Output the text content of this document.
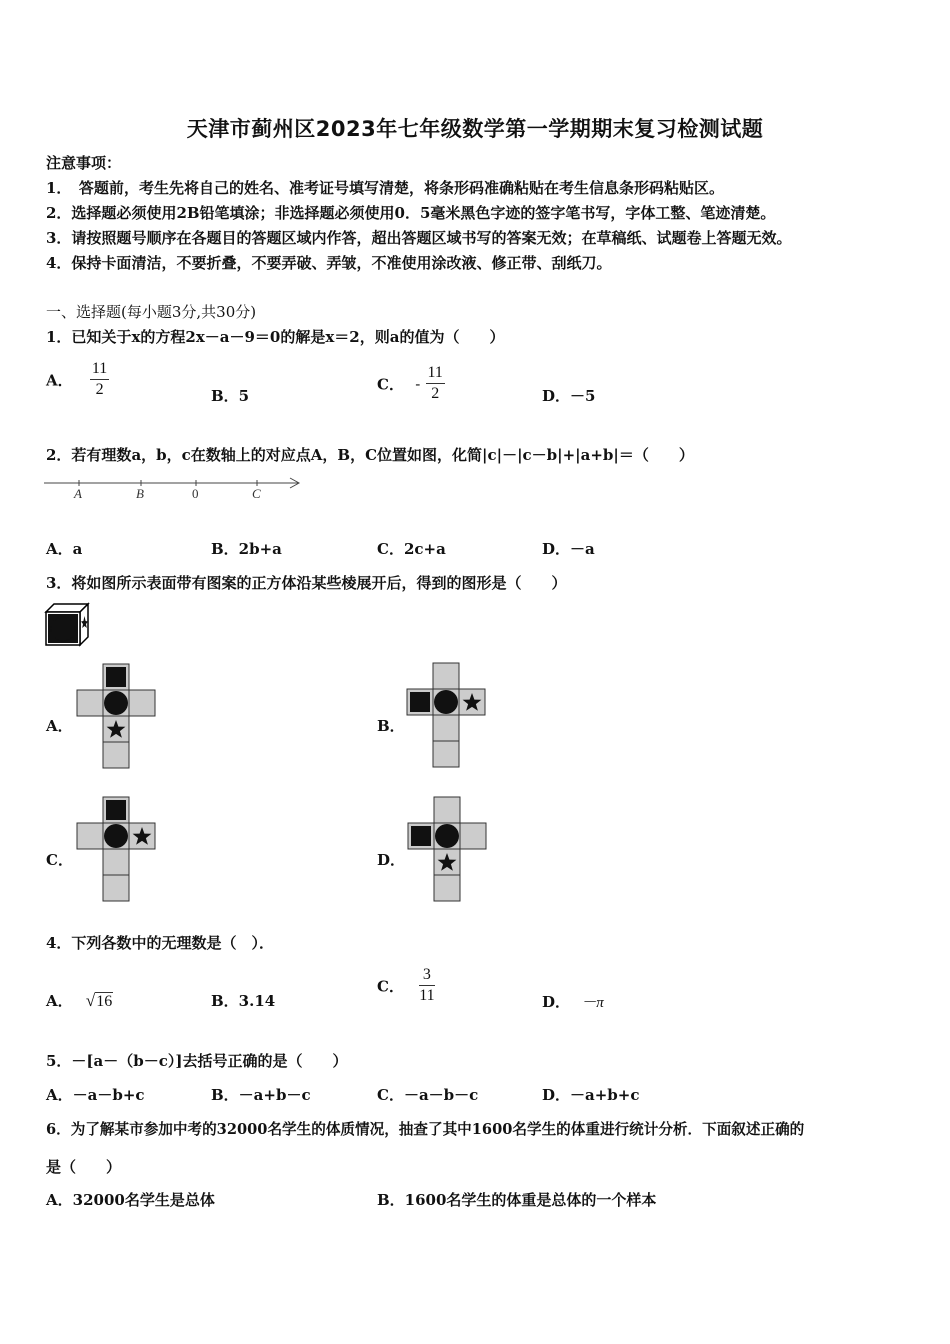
天津市蓟州区2023年七年级数学第一学期期末复习检测试题
注意事项：
1．　答题前，考生先将自己的姓名、准考证号填写清楚，将条形码准确粘贴在考生信息条形码粘贴区。
2．选择题必须使用2B铅笔填涂；非选择题必须使用0．5毫米黑色字迹的签字笔书写，字体工整、笔迹清楚。
3．请按照题号顺序在各题目的答题区域内作答，超出答题区域书写的答案无效；在草稿纸、试题卷上答题无效。
4．保持卡面清洁，不要折叠，不要弄破、弄皱，不准使用涂改液、修正带、刮纸刀。
一、选择题(每小题3分,共30分)
1．已知关于x的方程2x－a－9＝0的解是x＝2，则a的值为（　　）
A． $\frac{11}{2}$	B．5
C． - $\frac{11}{2}$	D．－5
2．若有理数a，b，c在数轴上的对应点A，B，C位置如图，化简|c|－|c－b|+|a+b|＝（　　）
A	B	0	C
A．a	B．2b+a	C．2c+a	D．－a
3．将如图所示表面带有图案的正方体沿某些棱展开后，得到的图形是（　　）
A．	B．
C．	D．
4．下列各数中的无理数是（　）．
A． √16	B．3.14
C． $\frac{3}{11}$	D． －π
5．－[a－（b－c）]去括号正确的是（　　）
A．－a－b+c	B．－a+b－c	C．－a－b－c	D．－a+b+c
6．为了解某市参加中考的32000名学生的体质情况，抽查了其中1600名学生的体重进行统计分析．下面叙述正确的
是（　　）
A．32000名学生是总体	B．1600名学生的体重是总体的一个样本
